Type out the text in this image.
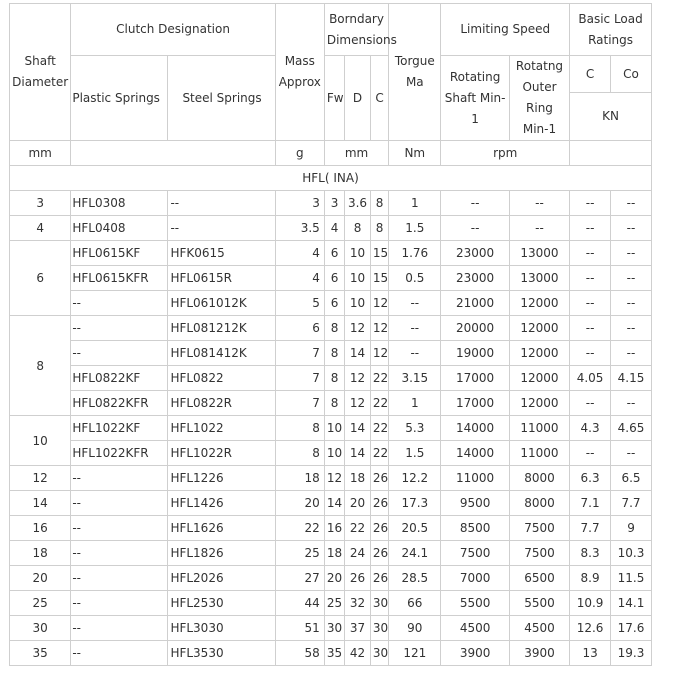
Shaft Diameter	Clutch Designation		Mass Approx	Borndary Dimensions			Torgue Ma	Limiting Speed		Basic Load Ratings	
	Plastic Springs	Steel Springs		Fw	D	C		Rotating Shaft Min-1	Rotatng Outer Ring Min-1	C	Co
										KN	
mm			g	mm			Nm	rpm			
HFL( INA)											
3	HFL0308	--	3	3	3.6	8	1	--	--	--	--
4	HFL0408	--	3.5	4	8	8	1.5	--	--	--	--
6	HFL0615KF	HFK0615	4	6	10	15	1.76	23000	13000	--	--
	HFL0615KFR	HFL0615R	4	6	10	15	0.5	23000	13000	--	--
	--	HFL061012K	5	6	10	12	--	21000	12000	--	--
8	--	HFL081212K	6	8	12	12	--	20000	12000	--	--
	--	HFL081412K	7	8	14	12	--	19000	12000	--	--
	HFL0822KF	HFL0822	7	8	12	22	3.15	17000	12000	4.05	4.15
	HFL0822KFR	HFL0822R	7	8	12	22	1	17000	12000	--	--
10	HFL1022KF	HFL1022	8	10	14	22	5.3	14000	11000	4.3	4.65
	HFL1022KFR	HFL1022R	8	10	14	22	1.5	14000	11000	--	--
12	--	HFL1226	18	12	18	26	12.2	11000	8000	6.3	6.5
14	--	HFL1426	20	14	20	26	17.3	9500	8000	7.1	7.7
16	--	HFL1626	22	16	22	26	20.5	8500	7500	7.7	9
18	--	HFL1826	25	18	24	26	24.1	7500	7500	8.3	10.3
20	--	HFL2026	27	20	26	26	28.5	7000	6500	8.9	11.5
25	--	HFL2530	44	25	32	30	66	5500	5500	10.9	14.1
30	--	HFL3030	51	30	37	30	90	4500	4500	12.6	17.6
35	--	HFL3530	58	35	42	30	121	3900	3900	13	19.3
